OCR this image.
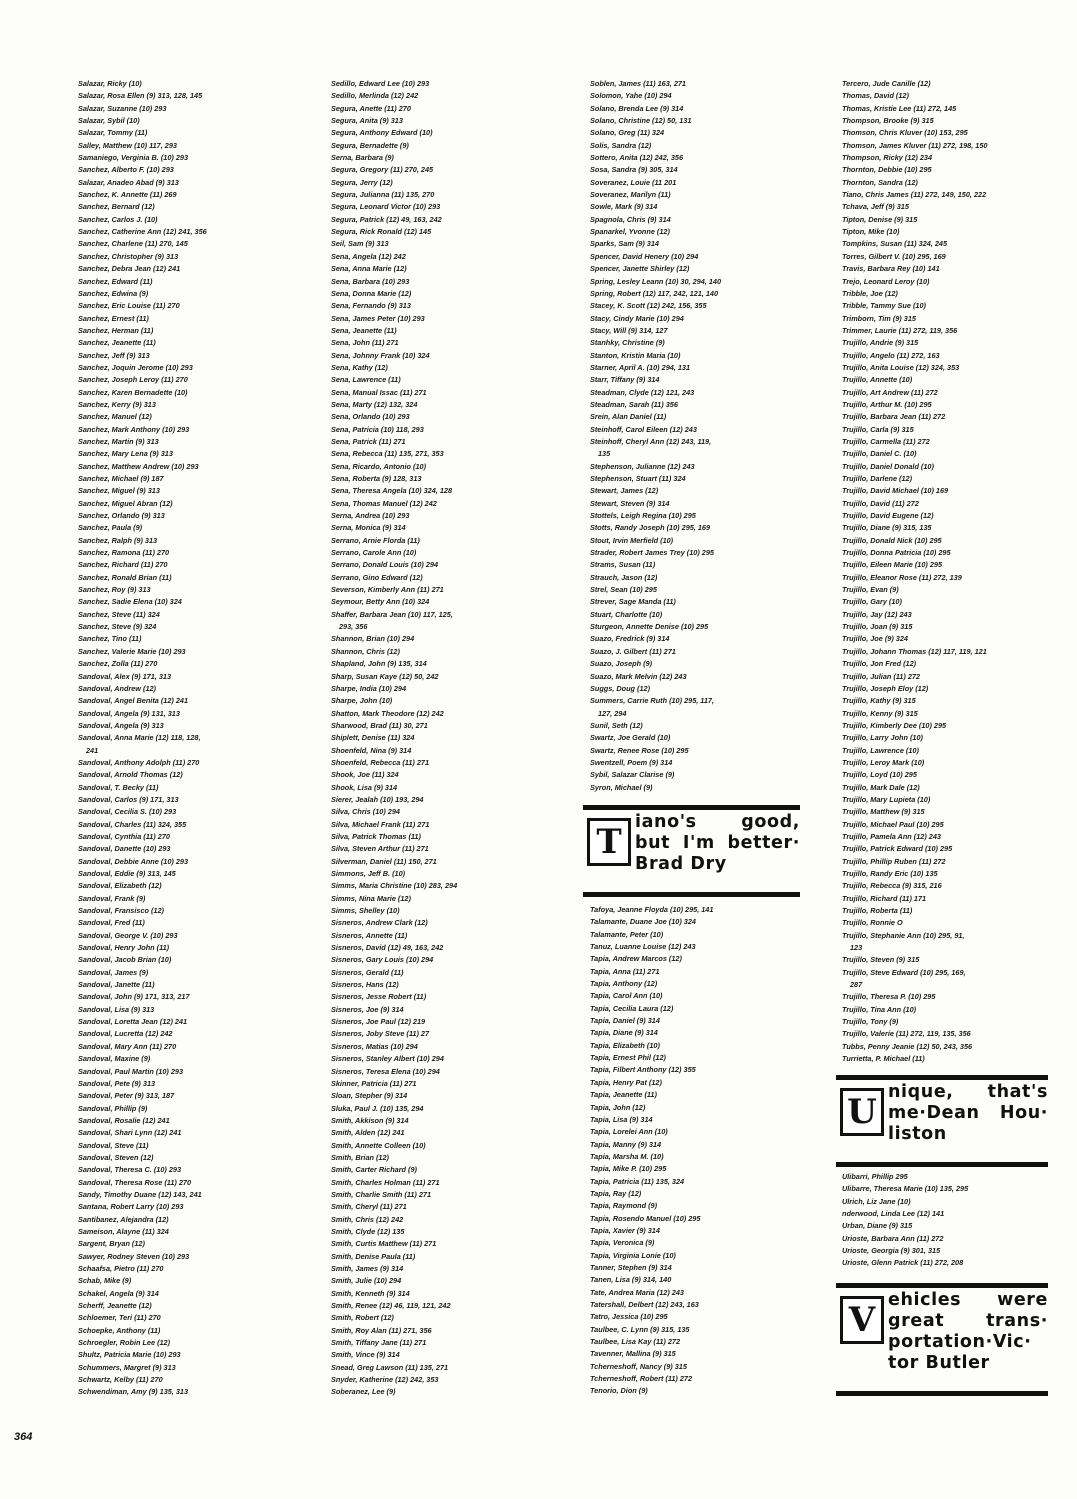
Salazar, Ricky (10)
Salazar, Rosa Ellen (9) 313, 128, 145
Salazar, Suzanne (10) 293
Salazar, Sybil (10)
Salazar, Tommy (11)
Salley, Matthew (10) 117, 293
Samaniego, Verginia B. (10) 293
Sanchez, Alberto F. (10) 293
Salazar, Anadeo Abad (9) 313
Sanchez, K. Annette (11) 269
Sanchez, Bernard (12)
Sanchez, Carlos J. (10)
Sanchez, Catherine Ann (12) 241, 356
Sanchez, Charlene (11) 270, 145
Sanchez, Christopher (9) 313
Sanchez, Debra Jean (12) 241
Sanchez, Edward (11)
Sanchez, Edwina (9)
Sanchez, Eric Louise (11) 270
Sanchez, Ernest (11)
Sanchez, Herman (11)
Sanchez, Jeanette (11)
Sanchez, Jeff (9) 313
Sanchez, Joquin Jerome (10) 293
Sanchez, Joseph Leroy (11) 270
Sanchez, Karen Bernadette (10)
Sanchez, Kerry (9) 313
Sanchez, Manuel (12)
Sanchez, Mark Anthony (10) 293
Sanchez, Martin (9) 313
Sanchez, Mary Lena (9) 313
Sanchez, Matthew Andrew (10) 293
Sanchez, Michael (9) 187
Sanchez, Miguel (9) 313
Sanchez, Miguel Abran (12)
Sanchez, Orlando (9) 313
Sanchez, Paula (9)
Sanchez, Ralph (9) 313
Sanchez, Ramona (11) 270
Sanchez, Richard (11) 270
Sanchez, Ronald Brian (11)
Sanchez, Roy (9) 313
Sanchez, Sadie Elena (10) 324
Sanchez, Steve (11) 324
Sanchez, Steve (9) 324
Sanchez, Tino (11)
Sanchez, Valerie Marie (10) 293
Sanchez, Zolla (11) 270
Sandoval, Alex (9) 171, 313
Sandoval, Andrew (12)
Sandoval, Angel Benita (12) 241
Sandoval, Angela (9) 131, 313
Sandoval, Angela (9) 313
Sandoval, Anna Marie (12) 118, 128,
241
Sandoval, Anthony Adolph (11) 270
Sandoval, Arnold Thomas (12)
Sandoval, T. Becky (11)
Sandoval, Carlos (9) 171, 313
Sandoval, Cecilia S. (10) 293
Sandoval, Charles (11) 324, 355
Sandoval, Cynthia (11) 270
Sandoval, Danette (10) 293
Sandoval, Debbie Anne (10) 293
Sandoval, Eddie (9) 313, 145
Sandoval, Elizabeth (12)
Sandoval, Frank (9)
Sandoval, Fransisco (12)
Sandoval, Fred (11)
Sandoval, George V. (10) 293
Sandoval, Henry John (11)
Sandoval, Jacob Brian (10)
Sandoval, James (9)
Sandoval, Janette (11)
Sandoval, John (9) 171, 313, 217
Sandoval, Lisa (9) 313
Sandoval, Loretta Jean (12) 241
Sandoval, Lucretta (12) 242
Sandoval, Mary Ann (11) 270
Sandoval, Maxine (9)
Sandoval, Paul Martin (10) 293
Sandoval, Pete (9) 313
Sandoval, Peter (9) 313, 187
Sandoval, Phillip (9)
Sandoval, Rosalie (12) 241
Sandoval, Shari Lynn (12) 241
Sandoval, Steve (11)
Sandoval, Steven (12)
Sandoval, Theresa C. (10) 293
Sandoval, Theresa Rose (11) 270
Sandy, Timothy Duane (12) 143, 241
Santana, Robert Larry (10) 293
Santibanez, Alejandra (12)
Sameison, Alayne (11) 324
Sargent, Bryan (12)
Sawyer, Rodney Steven (10) 293
Schaafsa, Pietro (11) 270
Schab, Mike (9)
Schakel, Angela (9) 314
Scherff, Jeanette (12)
Schloemer, Teri (11) 270
Schoepke, Anthony (11)
Schroegler, Robin Lee (12)
Shultz, Patricia Marie (10) 293
Schummers, Margret (9) 313
Schwartz, Kelby (11) 270
Schwendiman, Amy (9) 135, 313
Sedillo, Edward Lee (10) 293
Sedillo, Merlinda (12) 242
Segura, Anette (11) 270
Segura, Anita (9) 313
Segura, Anthony Edward (10)
Segura, Bernadette (9)
Serna, Barbara (9)
Segura, Gregory (11) 270, 245
Segura, Jerry (12)
Segura, Julianna (11) 135, 270
Segura, Leonard Victor (10) 293
Segura, Patrick (12) 49, 163, 242
Segura, Rick Ronald (12) 145
Seil, Sam (9) 313
Sena, Angela (12) 242
Sena, Anna Marie (12)
Sena, Barbara (10) 293
Sena, Donna Marie (12)
Sena, Fernando (9) 313
Sena, James Peter (10) 293
Sena, Jeanette (11)
Sena, John (11) 271
Sena, Johnny Frank (10) 324
Sena, Kathy (12)
Sena, Lawrence (11)
Sena, Manual Issac (11) 271
Sena, Marty (12) 132, 324
Sena, Orlando (10) 293
Sena, Patricia (10) 118, 293
Sena, Patrick (11) 271
Sena, Rebecca (11) 135, 271, 353
Sena, Ricardo, Antonio (10)
Sena, Roberta (9) 128, 313
Sena, Theresa Angela (10) 324, 128
Sena, Thomas Manuel (12) 242
Serna, Andrea (10) 293
Serna, Monica (9) 314
Serrano, Arnie Florda (11)
Serrano, Carole Ann (10)
Serrano, Donald Louis (10) 294
Serrano, Gino Edward (12)
Severson, Kimberly Ann (11) 271
Seymour, Betty Ann (10) 324
Shaffer, Barbara Jean (10) 117, 125,
293, 356
Shannon, Brian (10) 294
Shannon, Chris (12)
Shapland, John (9) 135, 314
Sharp, Susan Kaye (12) 50, 242
Sharpe, India (10) 294
Sharpe, John (10)
Shatton, Mark Theodore (12) 242
Sharwood, Brad (11) 30, 271
Shiplett, Denise (11) 324
Shoenfeld, Nina (9) 314
Shoenfeld, Rebecca (11) 271
Shook, Joe (11) 324
Shook, Lisa (9) 314
Sierer, Jealah (10) 193, 294
Silva, Chris (10) 294
Silva, Michael Frank (11) 271
Silva, Patrick Thomas (11)
Silva, Steven Arthur (11) 271
Silverman, Daniel (11) 150, 271
Simmons, Jeff B. (10)
Simms, Maria Christine (10) 283, 294
Simms, Nina Marie (12)
Simms, Shelley (10)
Sisneros, Andrew Clark (12)
Sisneros, Annette (11)
Sisneros, David (12) 49, 163, 242
Sisneros, Gary Louis (10) 294
Sisneros, Gerald (11)
Sisneros, Hans (12)
Sisneros, Jesse Robert (11)
Sisneros, Joe (9) 314
Sisneros, Joe Paul (12) 219
Sisneros, Joby Steve (11) 27
Sisneros, Matias (10) 294
Sisneros, Stanley Albert (10) 294
Sisneros, Teresa Elena (10) 294
Skinner, Patricia (11) 271
Sloan, Stepher (9) 314
Sluka, Paul J. (10) 135, 294
Smith, Akkison (9) 314
Smith, Alden (12) 241
Smith, Annette Colleen (10)
Smith, Brian (12)
Smith, Carter Richard (9)
Smith, Charles Holman (11) 271
Smith, Charlie Smith (11) 271
Smith, Cheryl (11) 271
Smith, Chris (12) 242
Smith, Clyde (12) 135
Smith, Curtis Matthew (11) 271
Smith, Denise Paula (11)
Smith, James (9) 314
Smith, Julie (10) 294
Smith, Kenneth (9) 314
Smith, Renee (12) 46, 119, 121, 242
Smith, Robert (12)
Smith, Roy Alan (11) 271, 356
Smith, Tiffany Jane (11) 271
Smith, Vince (9) 314
Snead, Greg Lawson (11) 135, 271
Snyder, Katherine (12) 242, 353
Soberanez, Lee (9)
Soblen, James (11) 163, 271
Solomon, Yahe (10) 294
Solano, Brenda Lee (9) 314
Solano, Christine (12) 50, 131
Solano, Greg (11) 324
Solis, Sandra (12)
Sottero, Anita (12) 242, 356
Sosa, Sandra (9) 305, 314
Soveranez, Louie (11 201
Soveranez, Marilyn (11)
Sowle, Mark (9) 314
Spagnola, Chris (9) 314
Spanarkel, Yvonne (12)
Sparks, Sam (9) 314
Spencer, David Henery (10) 294
Spencer, Janette Shirley (12)
Spring, Lesley Leann (10) 30, 294, 140
Spring, Robert (12) 117, 242, 121, 140
Stacey, K. Scott (12) 242, 156, 355
Stacy, Cindy Marie (10) 294
Stacy, Will (9) 314, 127
Stanhky, Christine (9)
Stanton, Kristin Maria (10)
Starner, April A. (10) 294, 131
Starr, Tiffany (9) 314
Steadman, Clyde (12) 121, 243
Steadman, Sarah (11) 356
Srein, Alan Daniel (11)
Steinhoff, Carol Eileen (12) 243
Steinhoff, Cheryl Ann (12) 243, 119,
135
Stephenson, Julianne (12) 243
Stephenson, Stuart (11) 324
Stewart, James (12)
Stewart, Steven (9) 314
Stottels, Leigh Regina (10) 295
Stotts, Randy Joseph (10) 295, 169
Stout, Irvin Merfield (10)
Strader, Robert James Trey (10) 295
Strams, Susan (11)
Strauch, Jason (12)
Strel, Sean (10) 295
Strever, Sage Manda (11)
Stuart, Charlotte (10)
Sturgeon, Annette Denise (10) 295
Suazo, Fredrick (9) 314
Suazo, J. Gilbert (11) 271
Suazo, Joseph (9)
Suazo, Mark Melvin (12) 243
Suggs, Doug (12)
Summers, Carrie Ruth (10) 295, 117,
127, 294
Sunil, Seth (12)
Swartz, Joe Gerald (10)
Swartz, Renee Rose (10) 295
Swentzell, Poem (9) 314
Sybil, Salazar Clarise (9)
Syron, Michael (9)
Tafoya, Jeanne Floyda (10) 295, 141
Talamante, Duane Joe (10) 324
Talamante, Peter (10)
Tanuz, Luanne Louise (12) 243
Tapia, Andrew Marcos (12)
Tapia, Anna (11) 271
Tapia, Anthony (12)
Tapia, Carol Ann (10)
Tapia, Cecilia Laura (12)
Tapia, Daniel (9) 314
Tapia, Diane (9) 314
Tapia, Elizabeth (10)
Tapia, Ernest Phil (12)
Tapia, Filbert Anthony (12) 355
Tapia, Henry Pat (12)
Tapia, Jeanette (11)
Tapia, John (12)
Tapia, Lisa (9) 314
Tapia, Lorelei Ann (10)
Tapia, Manny (9) 314
Tapia, Marsha M. (10)
Tapia, Mike P. (10) 295
Tapia, Patricia (11) 135, 324
Tapia, Ray (12)
Tapia, Raymond (9)
Tapia, Rosendo Manuel (10) 295
Tapia, Xavier (9) 314
Tapia, Veronica (9)
Tapia, Virginia Lonie (10)
Tanner, Stephen (9) 314
Tanen, Lisa (9) 314, 140
Tate, Andrea Maria (12) 243
Tatershall, Delbert (12) 243, 163
Tatro, Jessica (10) 295
Taulbee, C. Lynn (9) 315, 135
Taulbee, Lisa Kay (11) 272
Tavenner, Mallina (9) 315
Tcherneshoff, Nancy (9) 315
Tcherneshoff, Robert (11) 272
Tenorio, Dion (9)
Tercero, Jude Canille (12)
Thomas, David (12)
Thomas, Kristie Lee (11) 272, 145
Thompson, Brooke (9) 315
Thomson, Chris Kluver (10) 153, 295
Thomson, James Kluver (11) 272, 198, 150
Thompson, Ricky (12) 234
Thornton, Debbie (10) 295
Thornton, Sandra (12)
Tiano, Chris James (11) 272, 149, 150, 222
Tchava, Jeff (9) 315
Tipton, Denise (9) 315
Tipton, Mike (10)
Tompkins, Susan (11) 324, 245
Torres, Gilbert V. (10) 295, 169
Travis, Barbara Rey (10) 141
Trejo, Leonard Leroy (10)
Tribble, Joe (12)
Tribble, Tammy Sue (10)
Trimborn, Tim (9) 315
Trimmer, Laurie (11) 272, 119, 356
Trujillo, Andrie (9) 315
Trujillo, Angelo (11) 272, 163
Trujillo, Anita Louise (12) 324, 353
Trujillo, Annette (10)
Trujillo, Art Andrew (11) 272
Trujillo, Arthur M. (10) 295
Trujillo, Barbara Jean (11) 272
Trujillo, Carla (9) 315
Trujillo, Carmella (11) 272
Trujillo, Daniel C. (10)
Trujillo, Daniel Donald (10)
Trujillo, Darlene (12)
Trujillo, David Michael (10) 169
Trujillo, David (11) 272
Trujillo, David Eugene (12)
Trujillo, Diane (9) 315, 135
Trujillo, Donald Nick (10) 295
Trujillo, Donna Patricia (10) 295
Trujillo, Eileen Marie (10) 295
Trujillo, Eleanor Rose (11) 272, 139
Trujillo, Evan (9)
Trujillo, Gary (10)
Trujillo, Jay (12) 243
Trujillo, Joan (9) 315
Trujillo, Joe (9) 324
Trujillo, Johann Thomas (12) 117, 119, 121
Trujillo, Jon Fred (12)
Trujillo, Julian (11) 272
Trujillo, Joseph Eloy (12)
Trujillo, Kathy (9) 315
Trujillo, Kenny (9) 315
Trujillo, Kimberly Dee (10) 295
Trujillo, Larry John (10)
Trujillo, Lawrence (10)
Trujillo, Leroy Mark (10)
Trujillo, Loyd (10) 295
Trujillo, Mark Dale (12)
Trujillo, Mary Lupieta (10)
Trujillo, Matthew (9) 315
Trujillo, Michael Paul (10) 295
Trujillo, Pamela Ann (12) 243
Trujillo, Patrick Edward (10) 295
Trujillo, Phillip Ruben (11) 272
Trujillo, Randy Eric (10) 135
Trujillo, Rebecca (9) 315, 216
Trujillo, Richard (11) 171
Trujillo, Roberta (11)
Trujillo, Ronnie O
Trujillo, Stephanie Ann (10) 295, 91,
123
Trujillo, Steven (9) 315
Trujillo, Steve Edward (10) 295, 169,
287
Trujillo, Theresa P. (10) 295
Trujillo, Tina Ann (10)
Trujillo, Tony (9)
Trujillo, Valerie (11) 272, 119, 135, 356
Tubbs, Penny Jeanie (12) 50, 243, 356
Turrietta, P. Michael (11)
Ulibarri, Phillip 295
Ulibarre, Theresa Marie (10) 135, 295
Ulrich, Liz Jane (10)
nderwood, Linda Lee (12) 141
Urban, Diane (9) 315
Urioste, Barbara Ann (11) 272
Urioste, Georgia (9) 301, 315
Urioste, Glenn Patrick (11) 272, 208
T iano's good,
but I'm better·
Brad Dry
U nique, that's
me·Dean Hou·
liston
V ehicles were
great trans·
portation·Vic·
tor Butler
364
